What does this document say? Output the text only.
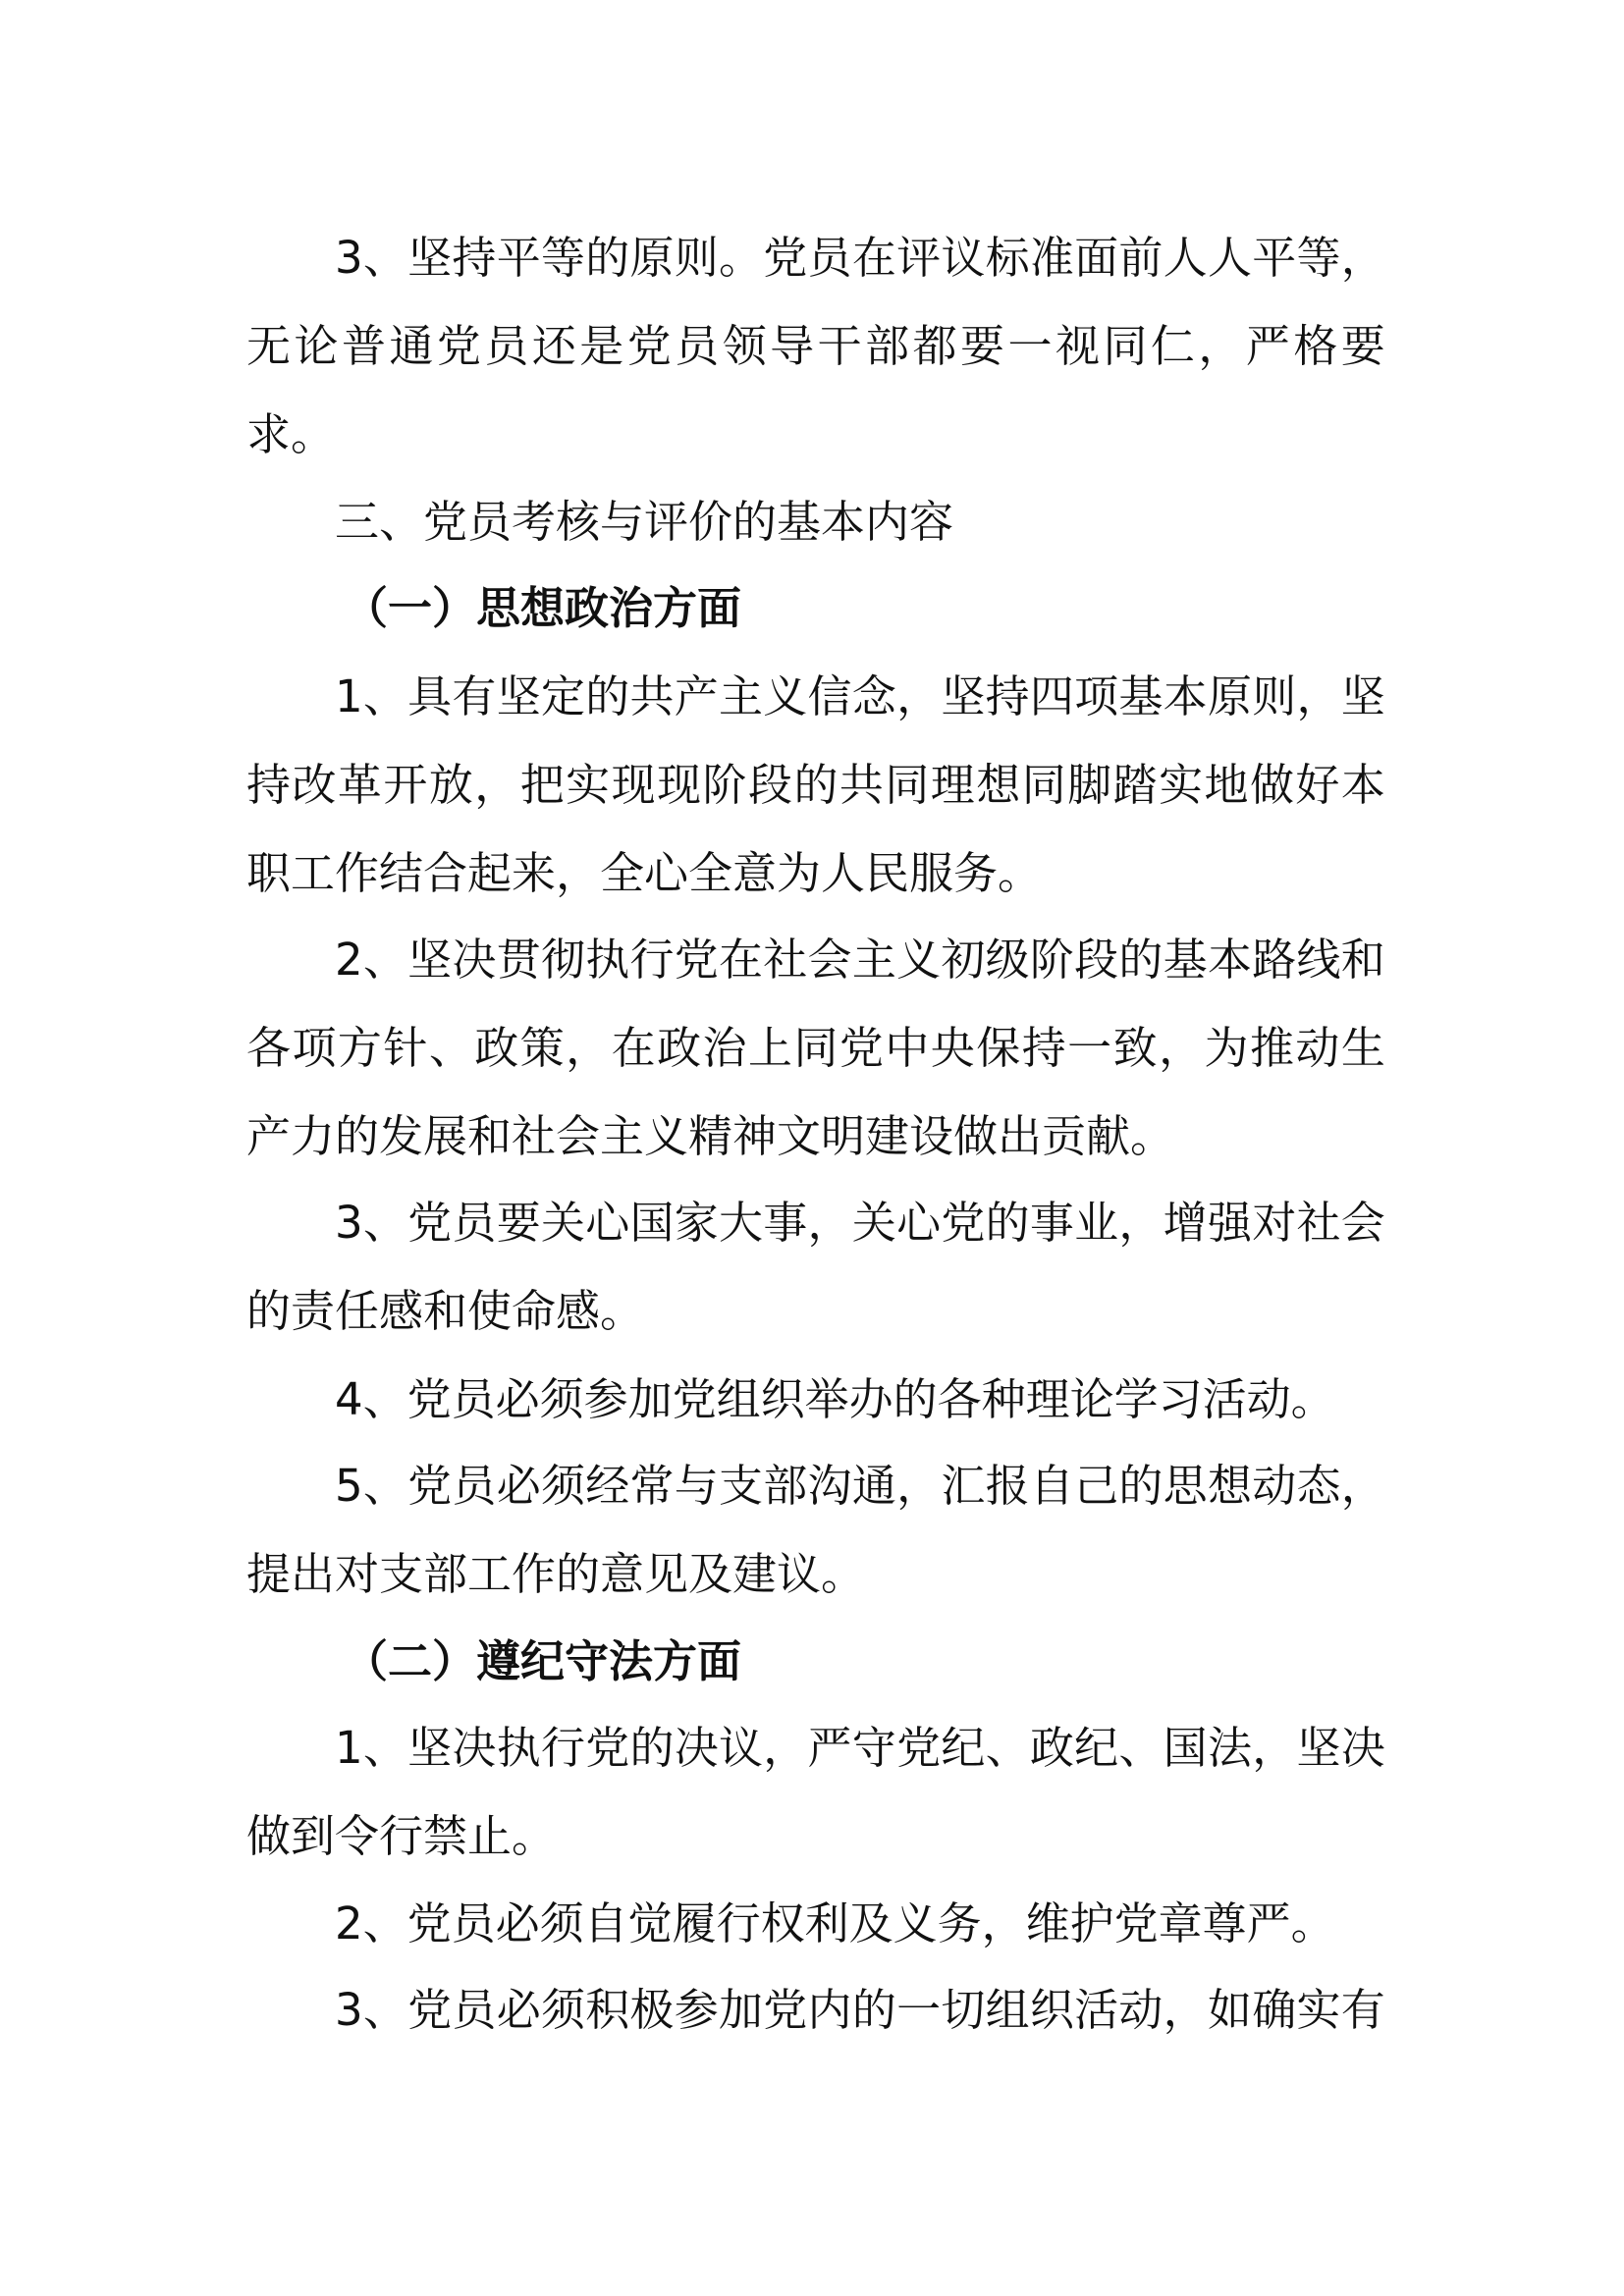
3 、 坚 持 平 等 的 原 则 。 党 员 在 评 议 标 准 面 前 人 人 平 等 ，
无 论 普 通 党 员 还 是 党 员 领 导 干 部 都 要 一 视 同 仁 ， 严 格 要
求。
三、党员考核与评价的基本内容
（一）思想政治方面
1 、 具 有 坚 定 的 共 产 主 义 信 念 ， 坚 持 四 项 基 本 原 则 ， 坚
持 改 革 开 放 ， 把 实 现 现 阶 段 的 共 同 理 想 同 脚 踏 实 地 做 好 本
职工作结合起来，全心全意为人民服务。
2 、 坚 决 贯 彻 执 行 党 在 社 会 主 义 初 级 阶 段 的 基 本 路 线 和
各 项 方 针 、 政 策 ， 在 政 治 上 同 党 中 央 保 持 一 致 ， 为 推 动 生
产力的发展和社会主义精神文明建设做出贡献。
3 、 党 员 要 关 心 国 家 大 事 ， 关 心 党 的 事 业 ， 增 强 对 社 会
的责任感和使命感。
4、党员必须参加党组织举办的各种理论学习活动。
5 、 党 员 必 须 经 常 与 支 部 沟 通 ， 汇 报 自 己 的 思 想 动 态 ，
提出对支部工作的意见及建议。
（二）遵纪守法方面
1 、 坚 决 执 行 党 的 决 议 ， 严 守 党 纪 、 政 纪 、 国 法 ， 坚 决
做到令行禁止。
2、党员必须自觉履行权利及义务，维护党章尊严。
3 、 党 员 必 须 积 极 参 加 党 内 的 一 切 组 织 活 动 ， 如 确 实 有
